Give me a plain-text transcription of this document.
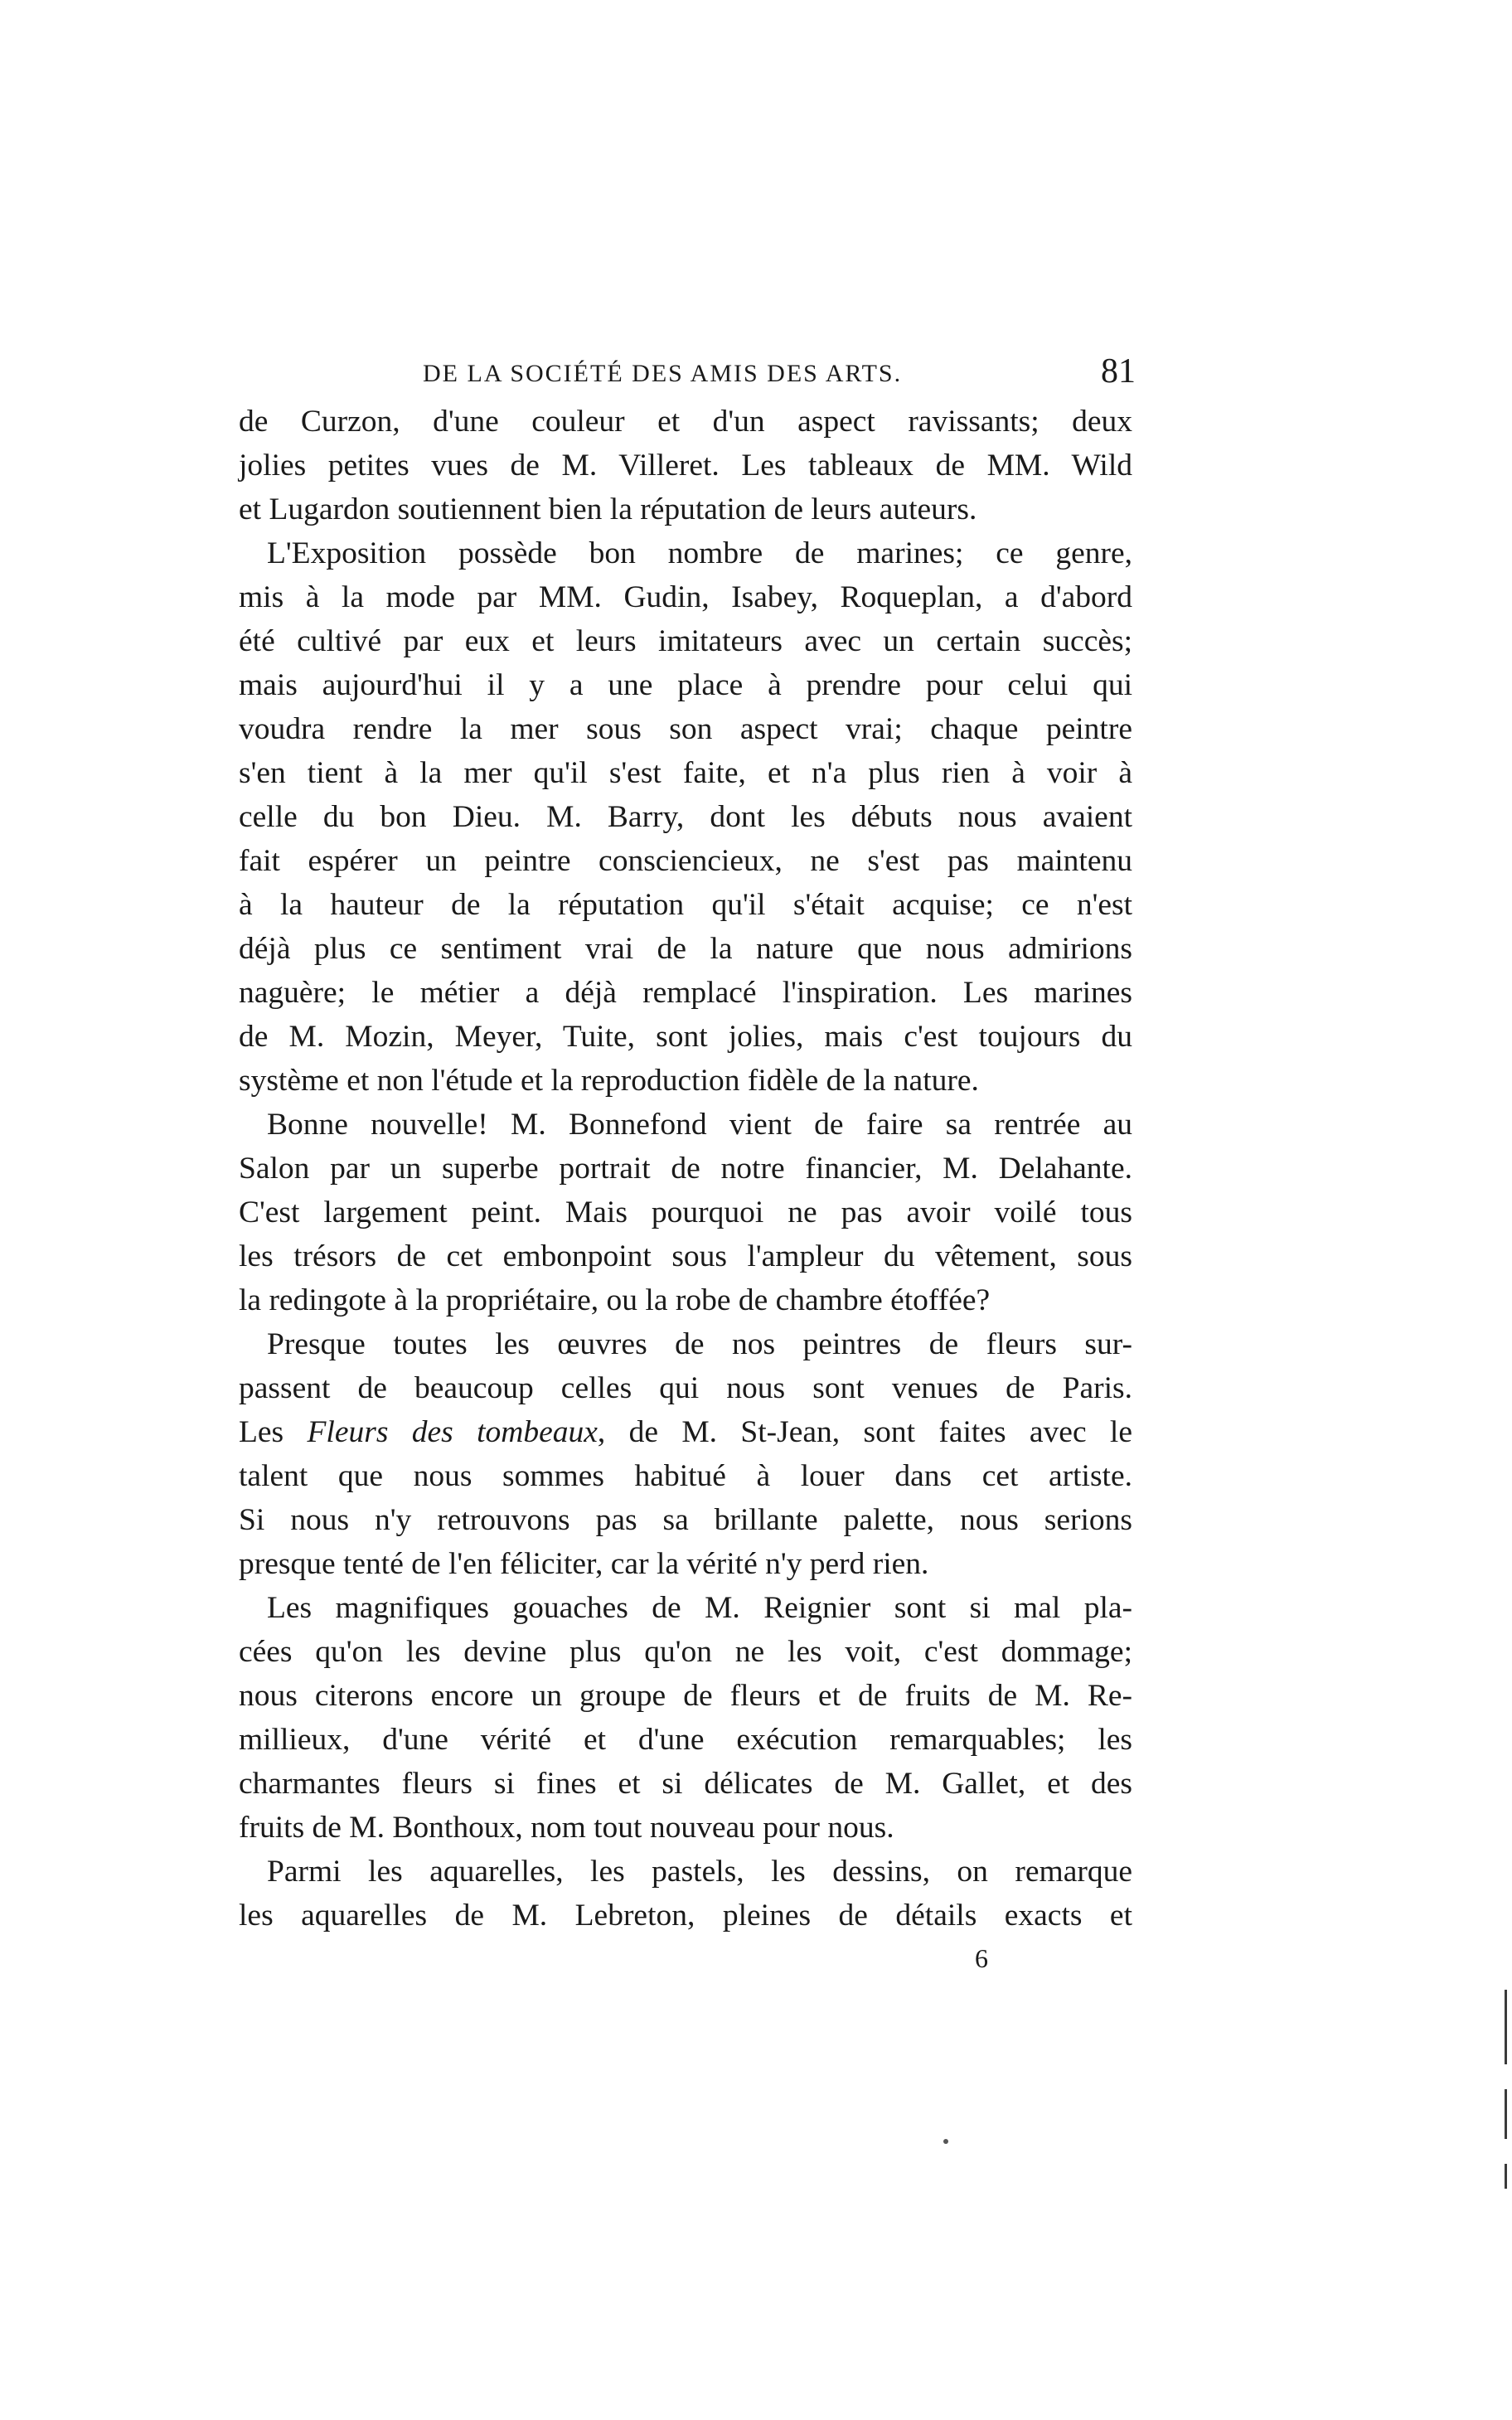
DE LA SOCIÉTÉ DES AMIS DES ARTS.	81
de Curzon, d'une couleur et d'un aspect ravissants; deux
jolies petites vues de M. Villeret. Les tableaux de MM. Wild
et Lugardon soutiennent bien la réputation de leurs auteurs.
L'Exposition possède bon nombre de marines; ce genre,
mis à la mode par MM. Gudin, Isabey, Roqueplan, a d'abord
été cultivé par eux et leurs imitateurs avec un certain succès;
mais aujourd'hui il y a une place à prendre pour celui qui
voudra rendre la mer sous son aspect vrai; chaque peintre
s'en tient à la mer qu'il s'est faite, et n'a plus rien à voir à
celle du bon Dieu. M. Barry, dont les débuts nous avaient
fait espérer un peintre consciencieux, ne s'est pas maintenu
à la hauteur de la réputation qu'il s'était acquise; ce n'est
déjà plus ce sentiment vrai de la nature que nous admirions
naguère; le métier a déjà remplacé l'inspiration. Les marines
de M. Mozin, Meyer, Tuite, sont jolies, mais c'est toujours du
système et non l'étude et la reproduction fidèle de la nature.
Bonne nouvelle! M. Bonnefond vient de faire sa rentrée au
Salon par un superbe portrait de notre financier, M. Delahante.
C'est largement peint. Mais pourquoi ne pas avoir voilé tous
les trésors de cet embonpoint sous l'ampleur du vêtement, sous
la redingote à la propriétaire, ou la robe de chambre étoffée?
Presque toutes les œuvres de nos peintres de fleurs sur-
passent de beaucoup celles qui nous sont venues de Paris.
Les Fleurs des tombeaux, de M. St-Jean, sont faites avec le
talent que nous sommes habitué à louer dans cet artiste.
Si nous n'y retrouvons pas sa brillante palette, nous serions
presque tenté de l'en féliciter, car la vérité n'y perd rien.
Les magnifiques gouaches de M. Reignier sont si mal pla-
cées qu'on les devine plus qu'on ne les voit, c'est dommage;
nous citerons encore un groupe de fleurs et de fruits de M. Re-
millieux, d'une vérité et d'une exécution remarquables; les
charmantes fleurs si fines et si délicates de M. Gallet, et des
fruits de M. Bonthoux, nom tout nouveau pour nous.
Parmi les aquarelles, les pastels, les dessins, on remarque
les aquarelles de M. Lebreton, pleines de détails exacts et
6
